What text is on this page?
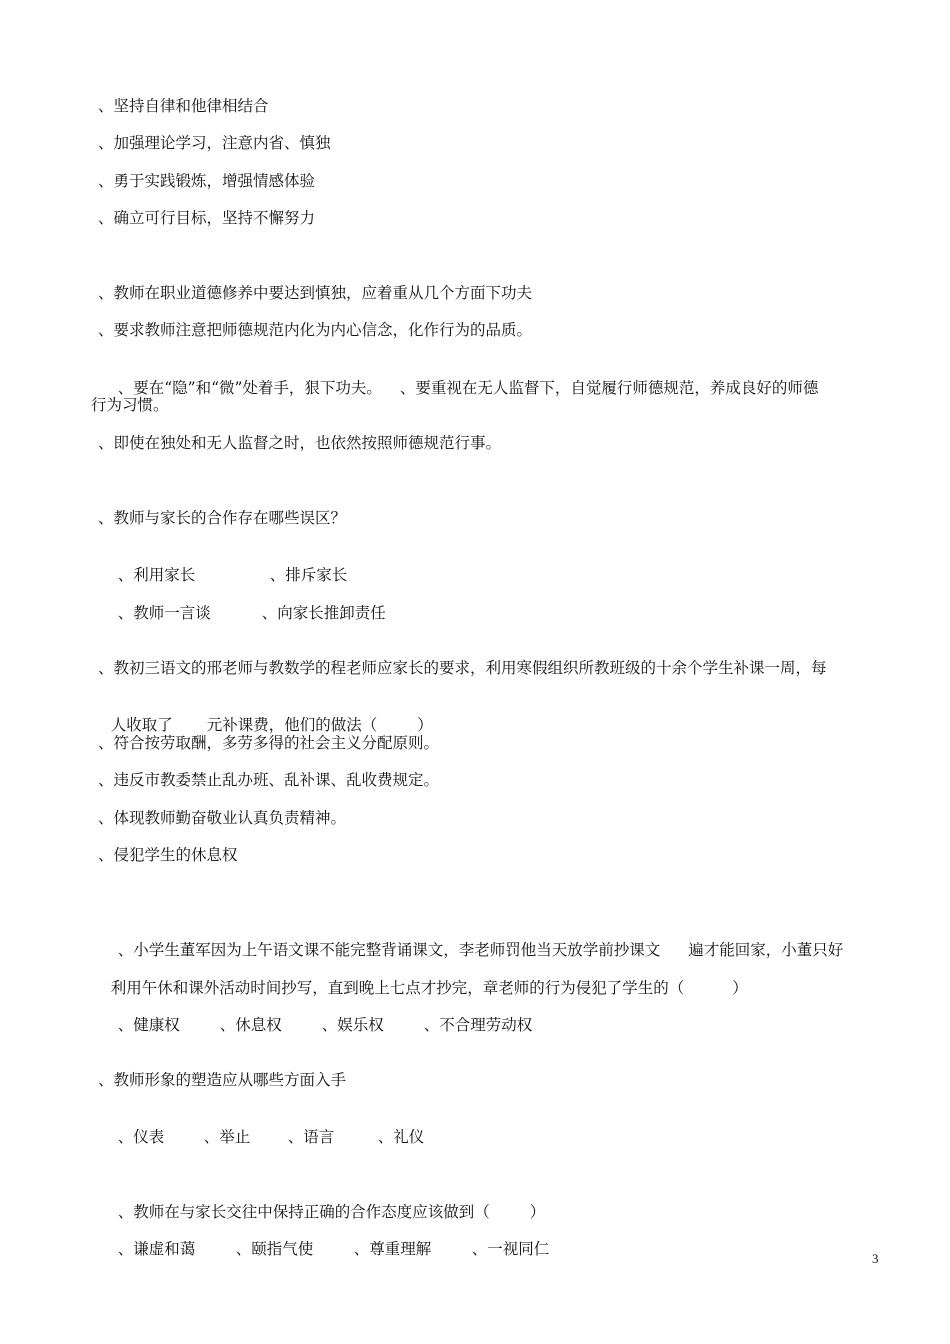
、坚持自律和他律相结合
、加强理论学习，注意内省、慎独
、勇于实践锻炼，增强情感体验
、确立可行目标，坚持不懈努力
、教师在职业道德修养中要达到慎独，应着重从几个方面下功夫
、要求教师注意把师德规范内化为内心信念，化作行为的品质。

、要在“隐”和“微”处着手，狠下功夫。 、要重视在无人监督下，自觉履行师德规范，养成良好的师德

行为习惯。
、即使在独处和无人监督之时，也依然按照师德规范行事。
、教师与家长的合作存在哪些误区？

、利用家长	、排斥家长

、教师一言谈	、向家长推卸责任

、教初三语文的邢老师与教数学的程老师应家长的要求，利用寒假组织所教班级的十余个学生补课一周，每

人收取了 元补课费，他们的做法（	）

、符合按劳取酬，多劳多得的社会主义分配原则。
、违反市教委禁止乱办班、乱补课、乱收费规定。
、体现教师勤奋敬业认真负责精神。
、侵犯学生的休息权

、小学生董军因为上午语文课不能完整背诵课文，李老师罚他当天放学前抄课文 遍才能回家，小董只好

利用午休和课外活动时间抄写，直到晚上七点才抄完，章老师的行为侵犯了学生的（	）

、健康权	、休息权	、娱乐权	、不合理劳动权

、教师形象的塑造应从哪些方面入手

、仪表	、举止 、语言	、礼仪

、教师在与家长交往中保持正确的合作态度应该做到（	）

、谦虚和蔼	、颐指气使	、尊重理解	、一视同仁

3
